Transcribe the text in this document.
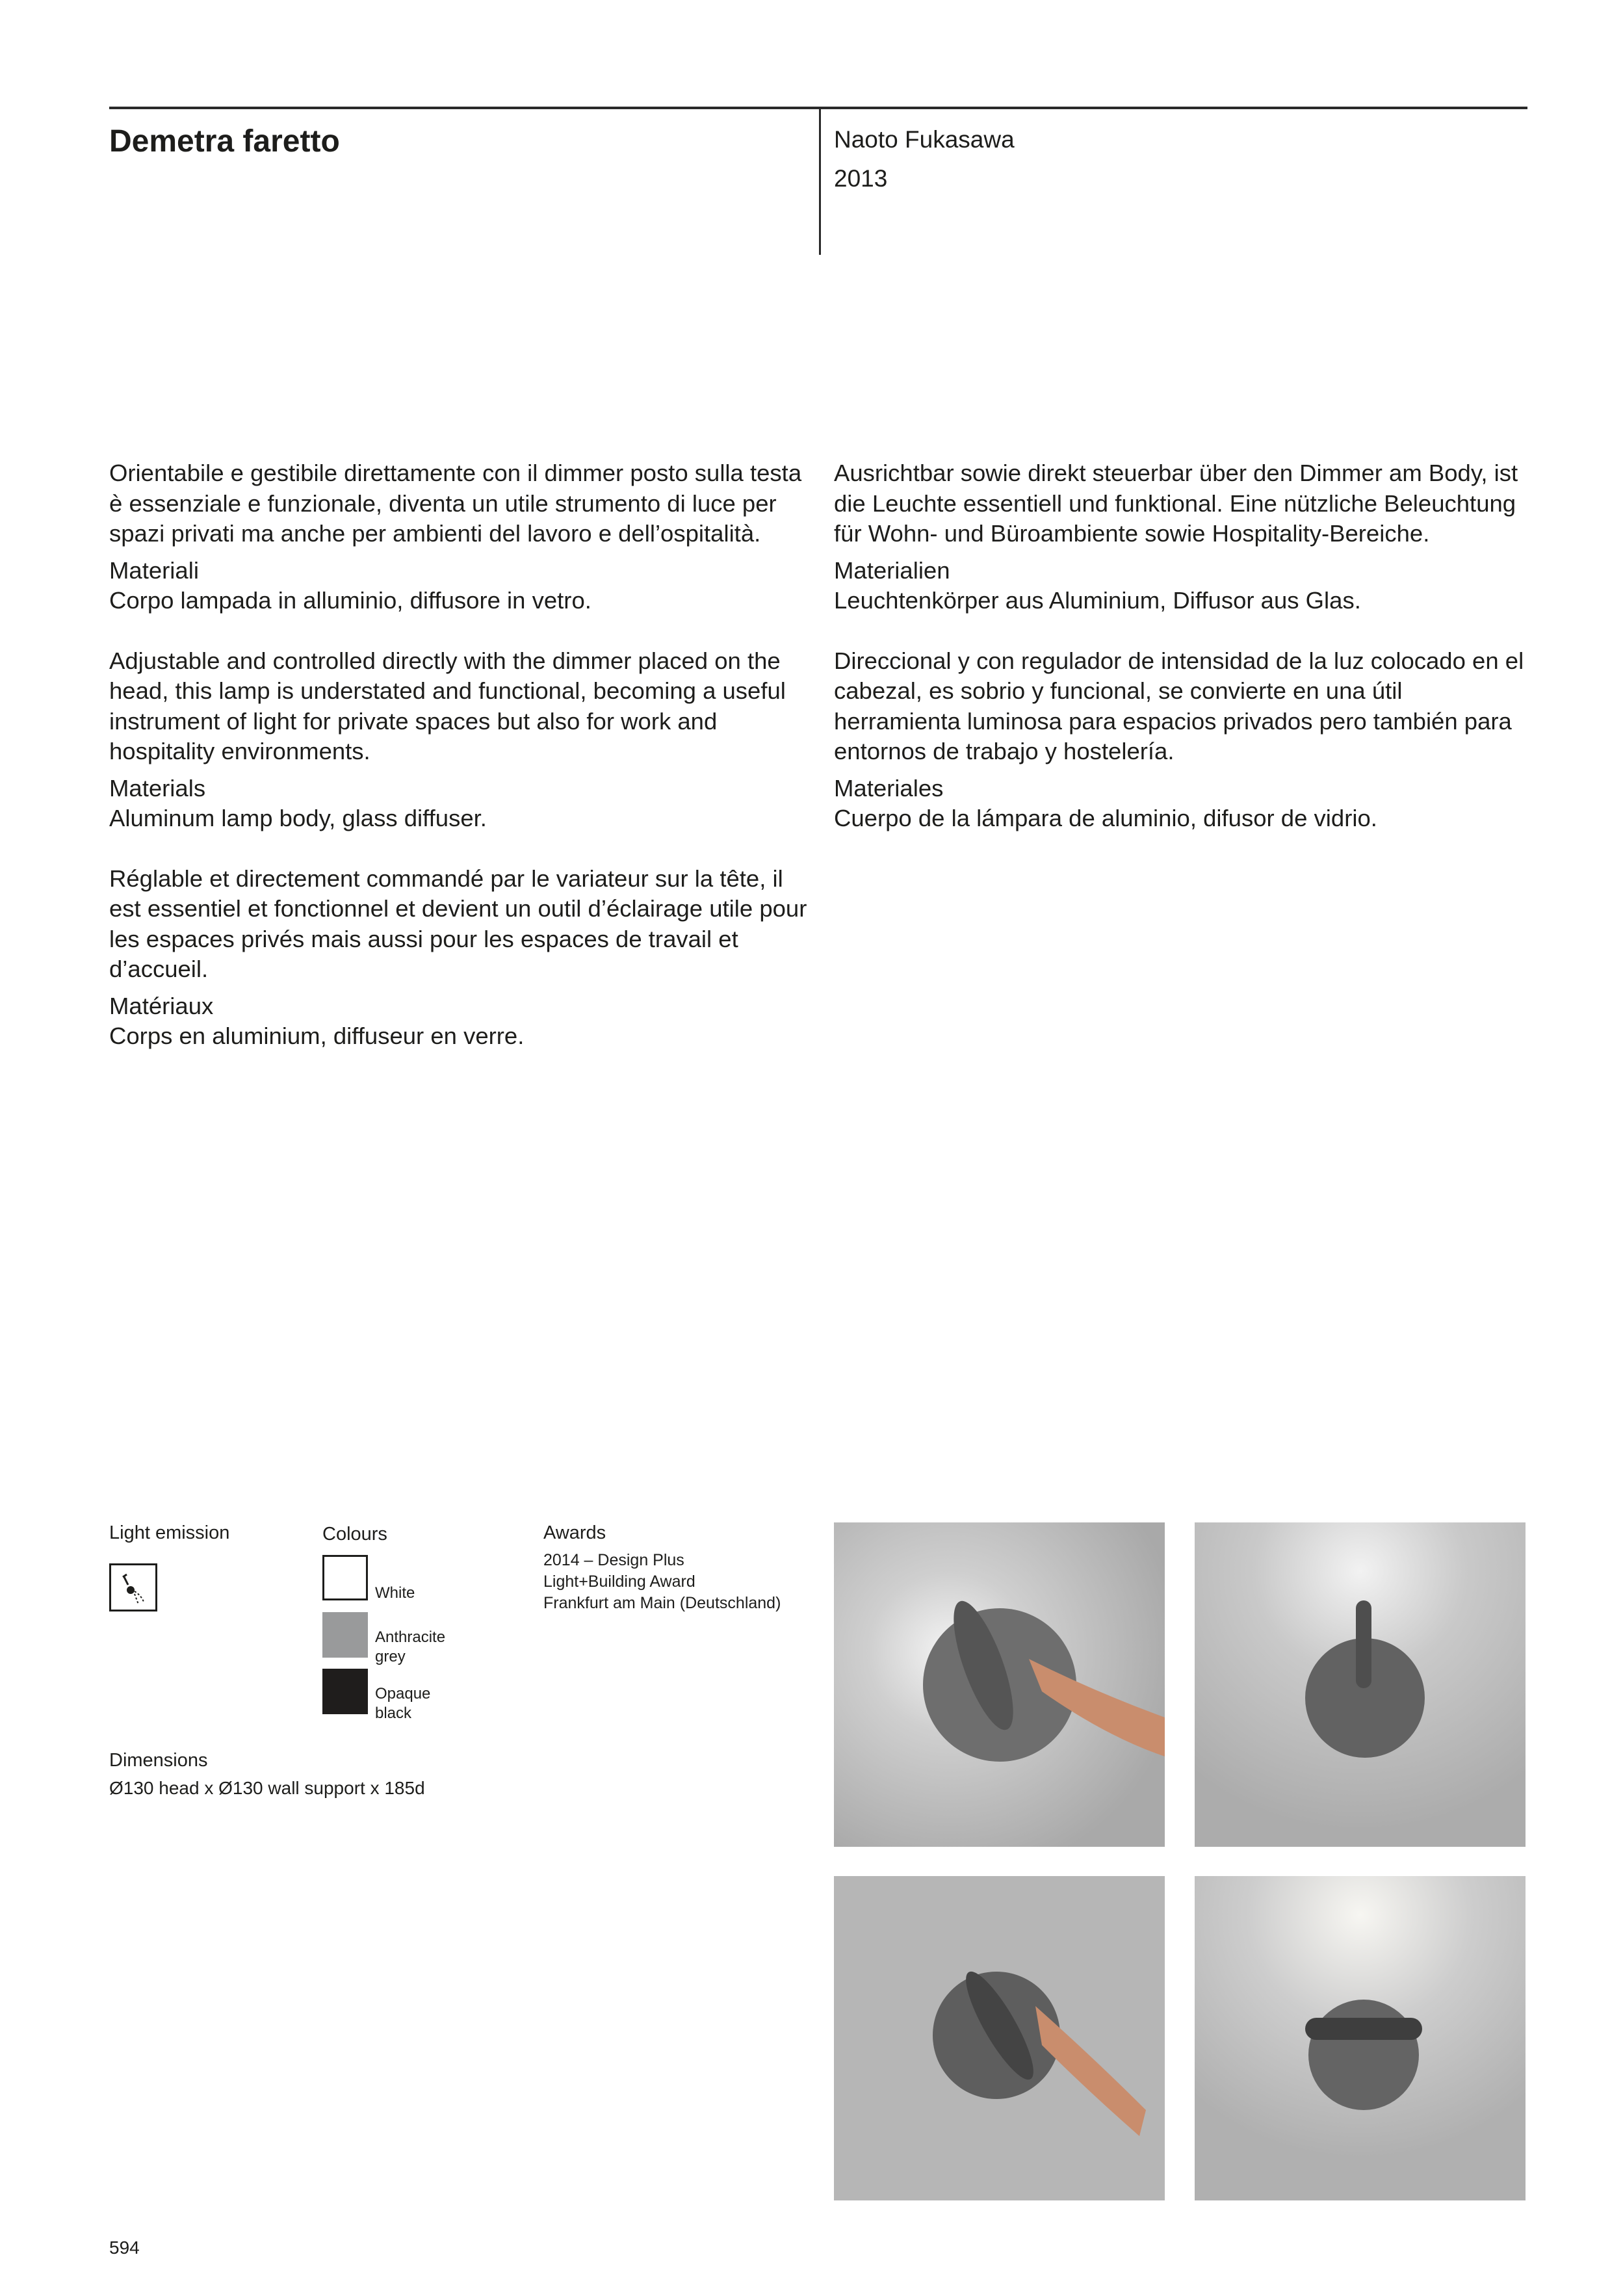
Demetra faretto	Naoto Fukasawa
2013

Orientabile e gestibile direttamente con il dimmer posto sulla testa è essenziale e funzionale, diventa un utile strumento di luce per spazi privati ma anche per ambienti del lavoro e dell’ospitalità.

Materiali

Corpo lampada in alluminio, diffusore in vetro.

Adjustable and controlled directly with the dimmer placed on the head, this lamp is understated and functional, becoming a useful instrument of light for private spaces but also for work and hospitality environments.

Materials

Aluminum lamp body, glass diffuser.

Réglable et directement commandé par le variateur sur la tête, il est essentiel et fonctionnel et devient un outil d’éclairage utile pour les espaces privés mais aussi pour les espaces de travail et d’accueil.

Matériaux

Corps en aluminium, diffuseur en verre.

Ausrichtbar sowie direkt steuerbar über den Dimmer am Body, ist die Leuchte essentiell und funktional. Eine nützliche Beleuchtung für Wohn- und Büroambiente sowie Hospitality-Bereiche.

Materialien

Leuchtenkörper aus Aluminium, Diffusor aus Glas.

Direccional y con regulador de intensidad de la luz colocado en el cabezal, es sobrio y funcional, se convierte en una útil herramienta luminosa para espacios privados pero también para entornos de trabajo y hostelería.

Materiales

Cuerpo de la lámpara de aluminio, difusor de vidrio.

Light emission	Colours
White
Anthracite
grey
Opaque
black
Awards
2014 – Design Plus
Light+Building Award
Frankfurt am Main (Deutschland)
Dimensions
Ø130 head x Ø130 wall support x 185d
594
